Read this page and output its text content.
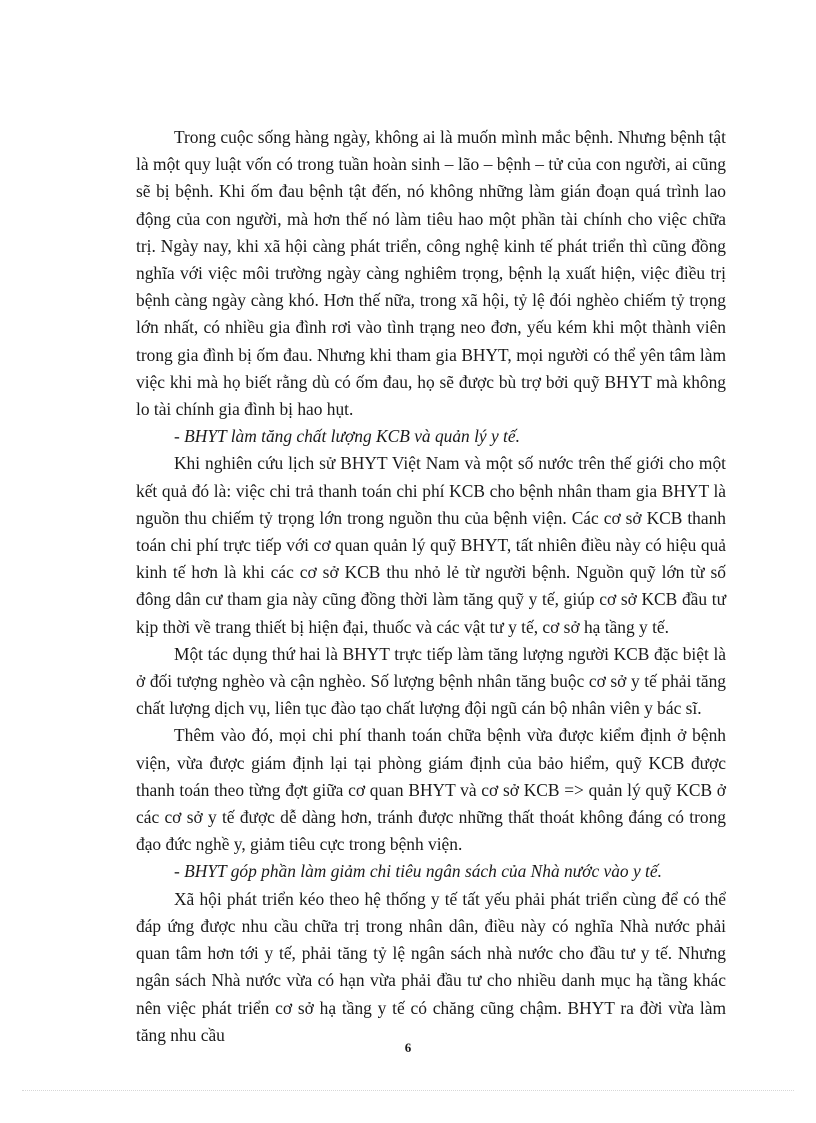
Trong cuộc sống hàng ngày, không ai là muốn mình mắc bệnh. Nhưng bệnh tật là một quy luật vốn có trong tuần hoàn sinh – lão – bệnh – tử của con người, ai cũng sẽ bị bệnh. Khi ốm đau bệnh tật đến, nó không những làm gián đoạn quá trình lao động của con người, mà hơn thế nó làm tiêu hao một phần tài chính cho việc chữa trị. Ngày nay, khi xã hội càng phát triển, công nghệ kinh tế phát triển thì cũng đồng nghĩa với việc môi trường ngày càng nghiêm trọng, bệnh lạ xuất hiện, việc điều trị bệnh càng ngày càng khó. Hơn thế nữa, trong xã hội, tỷ lệ đói nghèo chiếm tỷ trọng lớn nhất, có nhiều gia đình rơi vào tình trạng neo đơn, yếu kém khi một thành viên trong gia đình bị ốm đau. Nhưng khi tham gia BHYT, mọi người có thể yên tâm làm việc khi mà họ biết rằng dù có ốm đau, họ sẽ được bù trợ bởi quỹ BHYT mà không lo tài chính gia đình bị hao hụt.

- BHYT làm tăng chất lượng KCB và quản lý y tế.

Khi nghiên cứu lịch sử BHYT Việt Nam và một số nước trên thế giới cho một kết quả đó là: việc chi trả thanh toán chi phí KCB cho bệnh nhân tham gia BHYT là nguồn thu chiếm tỷ trọng lớn trong nguồn thu của bệnh viện. Các cơ sở KCB thanh toán chi phí trực tiếp với cơ quan quản lý quỹ BHYT, tất nhiên điều này có hiệu quả kinh tế hơn là khi các cơ sở KCB thu nhỏ lẻ từ người bệnh. Nguồn quỹ lớn từ số đông dân cư tham gia này cũng đồng thời làm tăng quỹ y tế, giúp cơ sở KCB đầu tư kịp thời về trang thiết bị hiện đại, thuốc và các vật tư y tế, cơ sở hạ tầng y tế.

Một tác dụng thứ hai là BHYT trực tiếp làm tăng lượng người KCB đặc biệt là ở đối tượng nghèo và cận nghèo. Số lượng bệnh nhân tăng buộc cơ sở y tế phải tăng chất lượng dịch vụ, liên tục đào tạo chất lượng đội ngũ cán bộ nhân viên y bác sĩ.

Thêm vào đó, mọi chi phí thanh toán chữa bệnh vừa được kiểm định ở bệnh viện, vừa được giám định lại tại phòng giám định của bảo hiểm, quỹ KCB được thanh toán theo từng đợt giữa cơ quan BHYT và cơ sở KCB => quản lý quỹ KCB ở các cơ sở y tế được dễ dàng hơn, tránh được những thất thoát không đáng có trong đạo đức nghề y, giảm tiêu cực trong bệnh viện.

- BHYT góp phần làm giảm chi tiêu ngân sách của Nhà nước vào y tế.

Xã hội phát triển kéo theo hệ thống y tế tất yếu phải phát triển cùng để có thể đáp ứng được nhu cầu chữa trị trong nhân dân, điều này có nghĩa Nhà nước phải quan tâm hơn tới y tế, phải tăng tỷ lệ ngân sách nhà nước cho đầu tư y tế. Nhưng ngân sách Nhà nước vừa có hạn vừa phải đầu tư cho nhiều danh mục hạ tầng khác nên việc phát triển cơ sở hạ tầng y tế có chăng cũng chậm. BHYT ra đời vừa làm tăng nhu cầu

6
